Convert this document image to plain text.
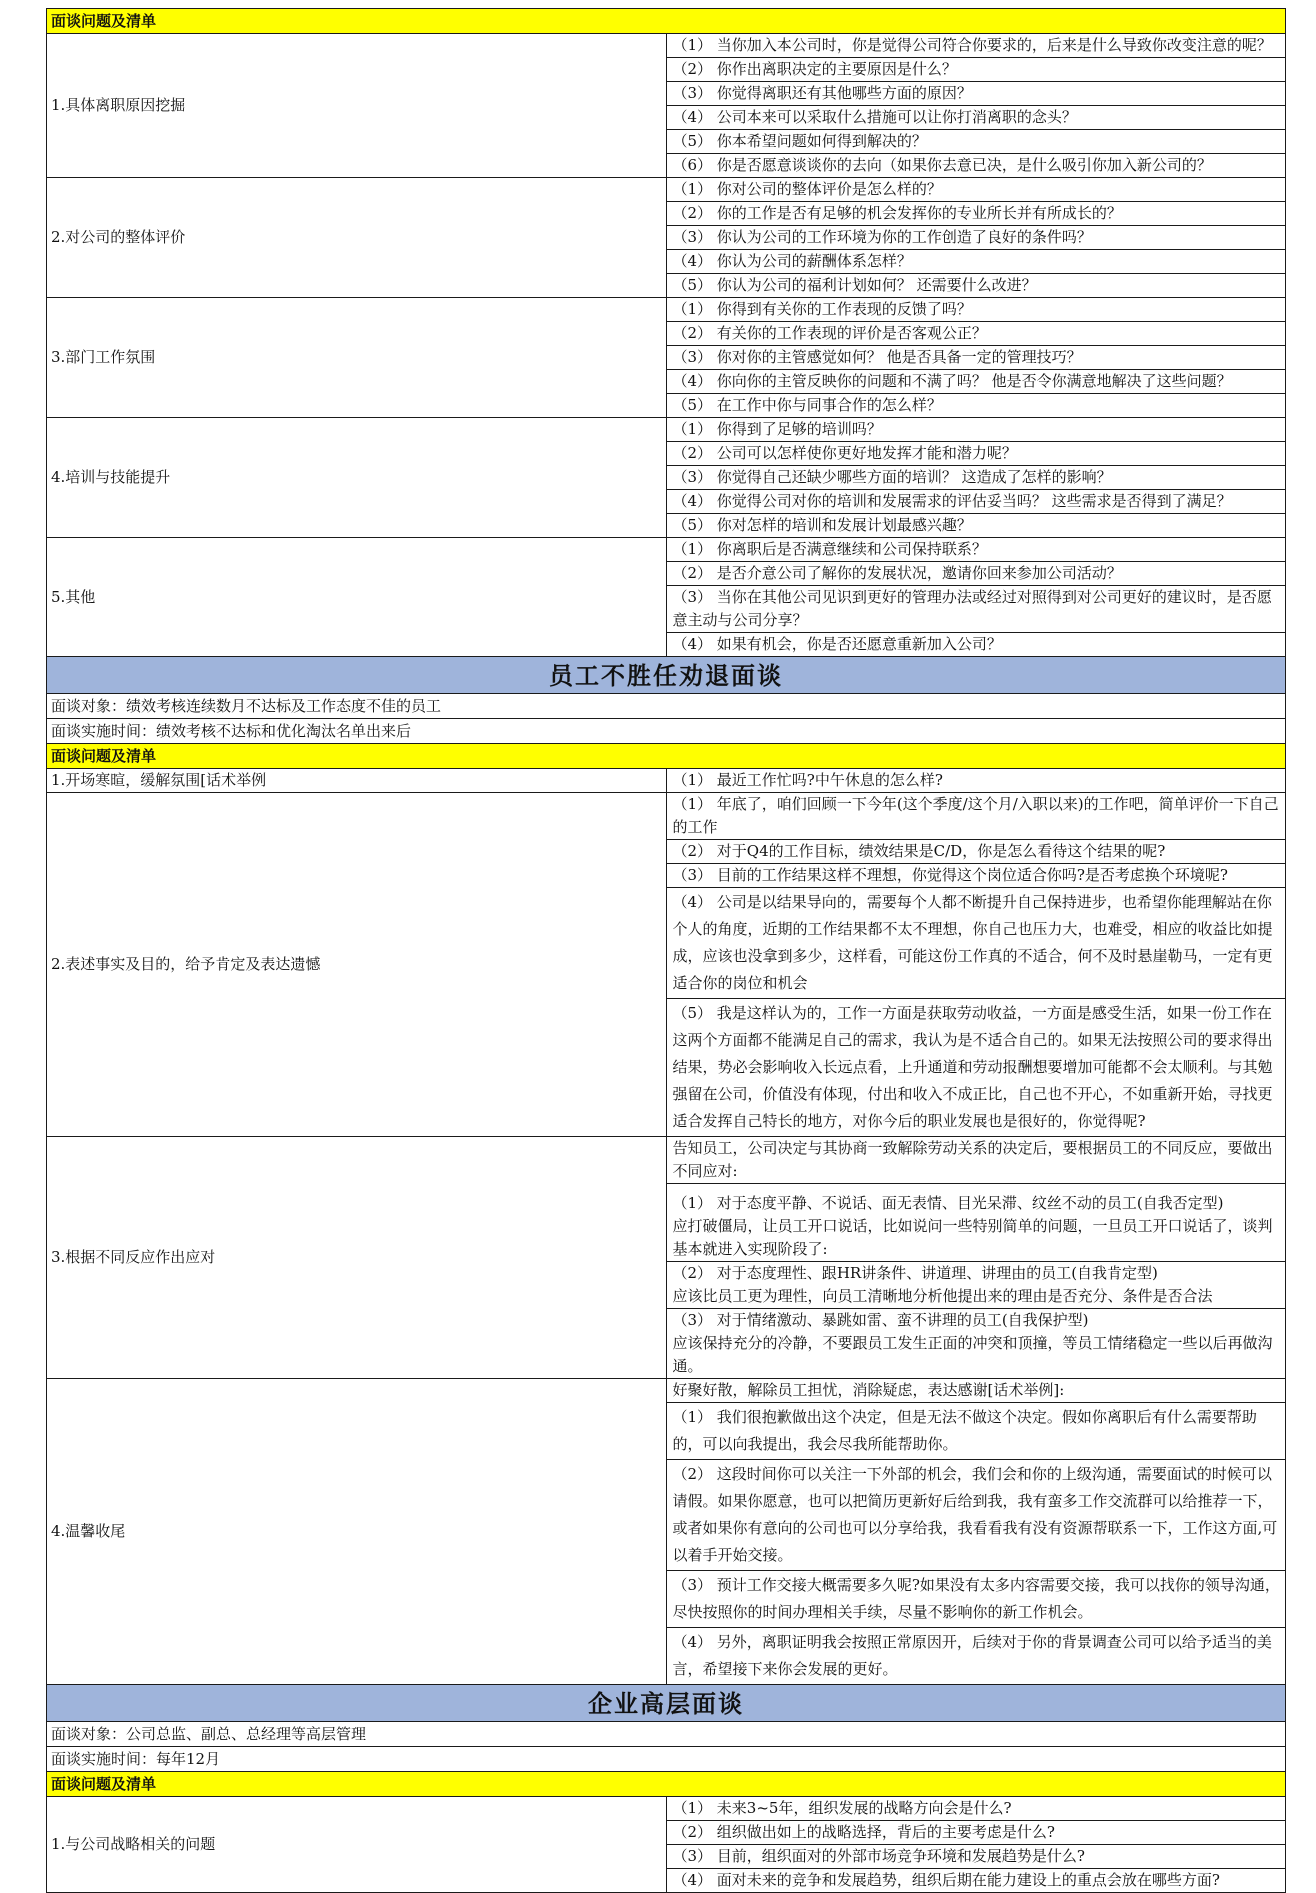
面谈问题及清单	
1.具体离职原因挖掘	（1） 当你加入本公司时，你是觉得公司符合你要求的，后来是什么导致你改变注意的呢？
	（2） 你作出离职决定的主要原因是什么？
	（3） 你觉得离职还有其他哪些方面的原因？
	（4） 公司本来可以采取什么措施可以让你打消离职的念头？
	（5） 你本希望问题如何得到解决的？
	（6） 你是否愿意谈谈你的去向（如果你去意已决，是什么吸引你加入新公司的？
2.对公司的整体评价	（1） 你对公司的整体评价是怎么样的？
	（2） 你的工作是否有足够的机会发挥你的专业所长并有所成长的？
	（3） 你认为公司的工作环境为你的工作创造了良好的条件吗？
	（4） 你认为公司的薪酬体系怎样？
	（5） 你认为公司的福利计划如何？ 还需要什么改进？
3.部门工作氛围	（1） 你得到有关你的工作表现的反馈了吗？
	（2） 有关你的工作表现的评价是否客观公正？
	（3） 你对你的主管感觉如何？ 他是否具备一定的管理技巧？
	（4） 你向你的主管反映你的问题和不满了吗？ 他是否令你满意地解决了这些问题？
	（5） 在工作中你与同事合作的怎么样？
4.培训与技能提升	（1） 你得到了足够的培训吗？
	（2） 公司可以怎样使你更好地发挥才能和潜力呢？
	（3） 你觉得自己还缺少哪些方面的培训？ 这造成了怎样的影响？
	（4） 你觉得公司对你的培训和发展需求的评估妥当吗？ 这些需求是否得到了满足？
	（5） 你对怎样的培训和发展计划最感兴趣？
5.其他	（1） 你离职后是否满意继续和公司保持联系？
	（2） 是否介意公司了解你的发展状况，邀请你回来参加公司活动？
	（3） 当你在其他公司见识到更好的管理办法或经过对照得到对公司更好的建议时，是否愿意主动与公司分享？
	（4） 如果有机会，你是否还愿意重新加入公司？
员工不胜任劝退面谈	
面谈对象：绩效考核连续数月不达标及工作态度不佳的员工	
面谈实施时间：绩效考核不达标和优化淘汰名单出来后	
面谈问题及清单	
1.开场寒暄，缓解氛围[话术举例	（1） 最近工作忙吗?中午休息的怎么样?
2.表述事实及目的，给予肯定及表达遗憾	（1） 年底了，咱们回顾一下今年(这个季度/这个月/入职以来)的工作吧，简单评价一下自己的工作
	（2） 对于Q4的工作目标，绩效结果是C/D，你是怎么看待这个结果的呢?
	（3） 目前的工作结果这样不理想，你觉得这个岗位适合你吗?是否考虑换个环境呢?
	（4） 公司是以结果导向的，需要每个人都不断提升自己保持进步，也希望你能理解站在你个人的角度，近期的工作结果都不太不理想，你自己也压力大，也难受，相应的收益比如提成，应该也没拿到多少，这样看，可能这份工作真的不适合，何不及时悬崖勒马，一定有更适合你的岗位和机会
	（5） 我是这样认为的，工作一方面是获取劳动收益，一方面是感受生活，如果一份工作在这两个方面都不能满足自己的需求，我认为是不适合自己的。如果无法按照公司的要求得出结果，势必会影响收入长远点看，上升通道和劳动报酬想要增加可能都不会太顺利。与其勉强留在公司，价值没有体现，付出和收入不成正比，自己也不开心，不如重新开始，寻找更适合发挥自己特长的地方，对你今后的职业发展也是很好的，你觉得呢?
3.根据不同反应作出应对	告知员工，公司决定与其协商一致解除劳动关系的决定后，要根据员工的不同反应，要做出不同应对:

	（1） 对于态度平静、不说话、面无表情、目光呆滞、纹丝不动的员工(自我否定型)
应打破僵局，让员工开口说话，比如说问一些特别简单的问题，一旦员工开口说话了，谈判基本就进入实现阶段了:

	（2） 对于态度理性、跟HR讲条件、讲道理、讲理由的员工(自我肯定型)
应该比员工更为理性，向员工清晰地分析他提出来的理由是否充分、条件是否合法

	（3） 对于情绪激动、暴跳如雷、蛮不讲理的员工(自我保护型)
应该保持充分的冷静，不要跟员工发生正面的冲突和顶撞，等员工情绪稳定一些以后再做沟通。

4.温馨收尾	好聚好散，解除员工担忧，消除疑虑，表达感谢[话术举例]:
	（1） 我们很抱歉做出这个决定，但是无法不做这个决定。假如你离职后有什么需要帮助的，可以向我提出，我会尽我所能帮助你。
	（2） 这段时间你可以关注一下外部的机会，我们会和你的上级沟通，需要面试的时候可以请假。如果你愿意，也可以把简历更新好后给到我，我有蛮多工作交流群可以给推荐一下，或者如果你有意向的公司也可以分享给我，我看看我有没有资源帮联系一下，工作这方面,可以着手开始交接。
	（3） 预计工作交接大概需要多久呢?如果没有太多内容需要交接，我可以找你的领导沟通，尽快按照你的时间办理相关手续，尽量不影响你的新工作机会。
	（4） 另外，离职证明我会按照正常原因开，后续对于你的背景调查公司可以给予适当的美言，希望接下来你会发展的更好。
企业高层面谈	
面谈对象：公司总监、副总、总经理等高层管理	
面谈实施时间：每年12月	
面谈问题及清单	
1.与公司战略相关的问题	（1） 未来3~5年，组织发展的战略方向会是什么?
	（2） 组织做出如上的战略选择，背后的主要考虑是什么?
	（3） 目前，组织面对的外部市场竞争环境和发展趋势是什么?
	（4） 面对未来的竞争和发展趋势，组织后期在能力建设上的重点会放在哪些方面?
